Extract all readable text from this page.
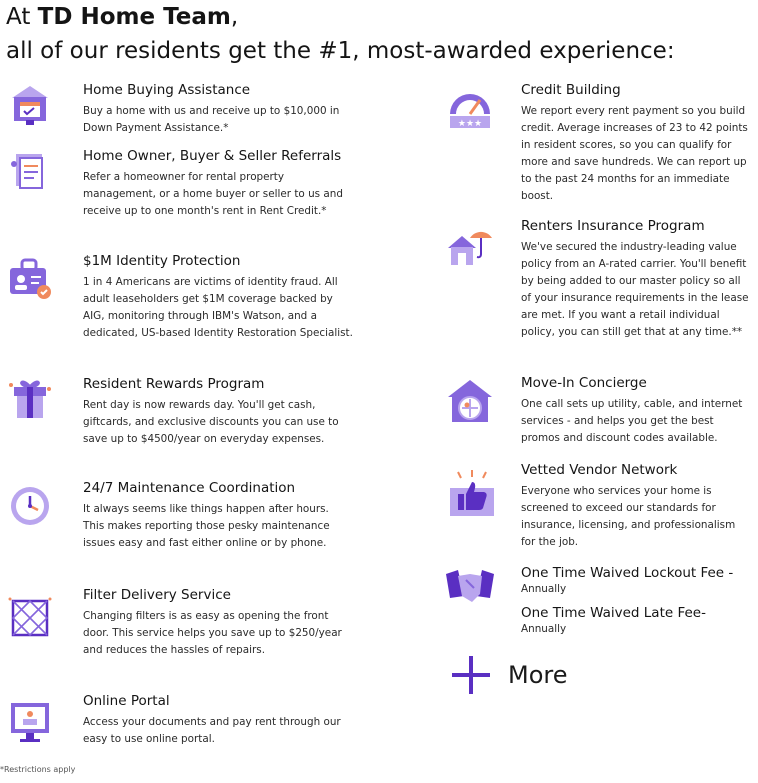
At TD Home Team,
all of our residents get the #1, most-awarded experience:

Home Buying Assistance

Buy a home with us and receive up to $10,000 in Down Payment Assistance.*

Home Owner, Buyer & Seller Referrals

Refer a homeowner for rental property management, or a home buyer or seller to us and receive up to one month's rent in Rent Credit.*

$1M Identity Protection

1 in 4 Americans are victims of identity fraud. All adult leaseholders get $1M coverage backed by AIG, monitoring through IBM's Watson, and a dedicated, US-based Identity Restoration Specialist.

Resident Rewards Program

Rent day is now rewards day. You'll get cash, giftcards, and exclusive discounts you can use to save up to $4500/year on everyday expenses.

24/7 Maintenance Coordination

It always seems like things happen after hours. This makes reporting those pesky maintenance issues easy and fast either online or by phone.

Filter Delivery Service

Changing filters is as easy as opening the front door. This service helps you save up to $250/year and reduces the hassles of repairs.

Online Portal

Access your documents and pay rent through our easy to use online portal.

★★★

Credit Building

We report every rent payment so you build credit. Average increases of 23 to 42 points in resident scores, so you can qualify for more and save hundreds. We can report up to the past 24 months for an immediate boost.

Renters Insurance Program

We've secured the industry-leading value policy from an A-rated carrier. You'll benefit by being added to our master policy so all of your insurance requirements in the lease are met. If you want a retail individual policy, you can still get that at any time.**

Move-In Concierge

One call sets up utility, cable, and internet services - and helps you get the best promos and discount codes available.

Vetted Vendor Network

Everyone who services your home is screened to exceed our standards for insurance, licensing, and professionalism for the job.

One Time Waived Lockout Fee -

Annually

One Time Waived Late Fee-

Annually

More
*Restrictions apply
